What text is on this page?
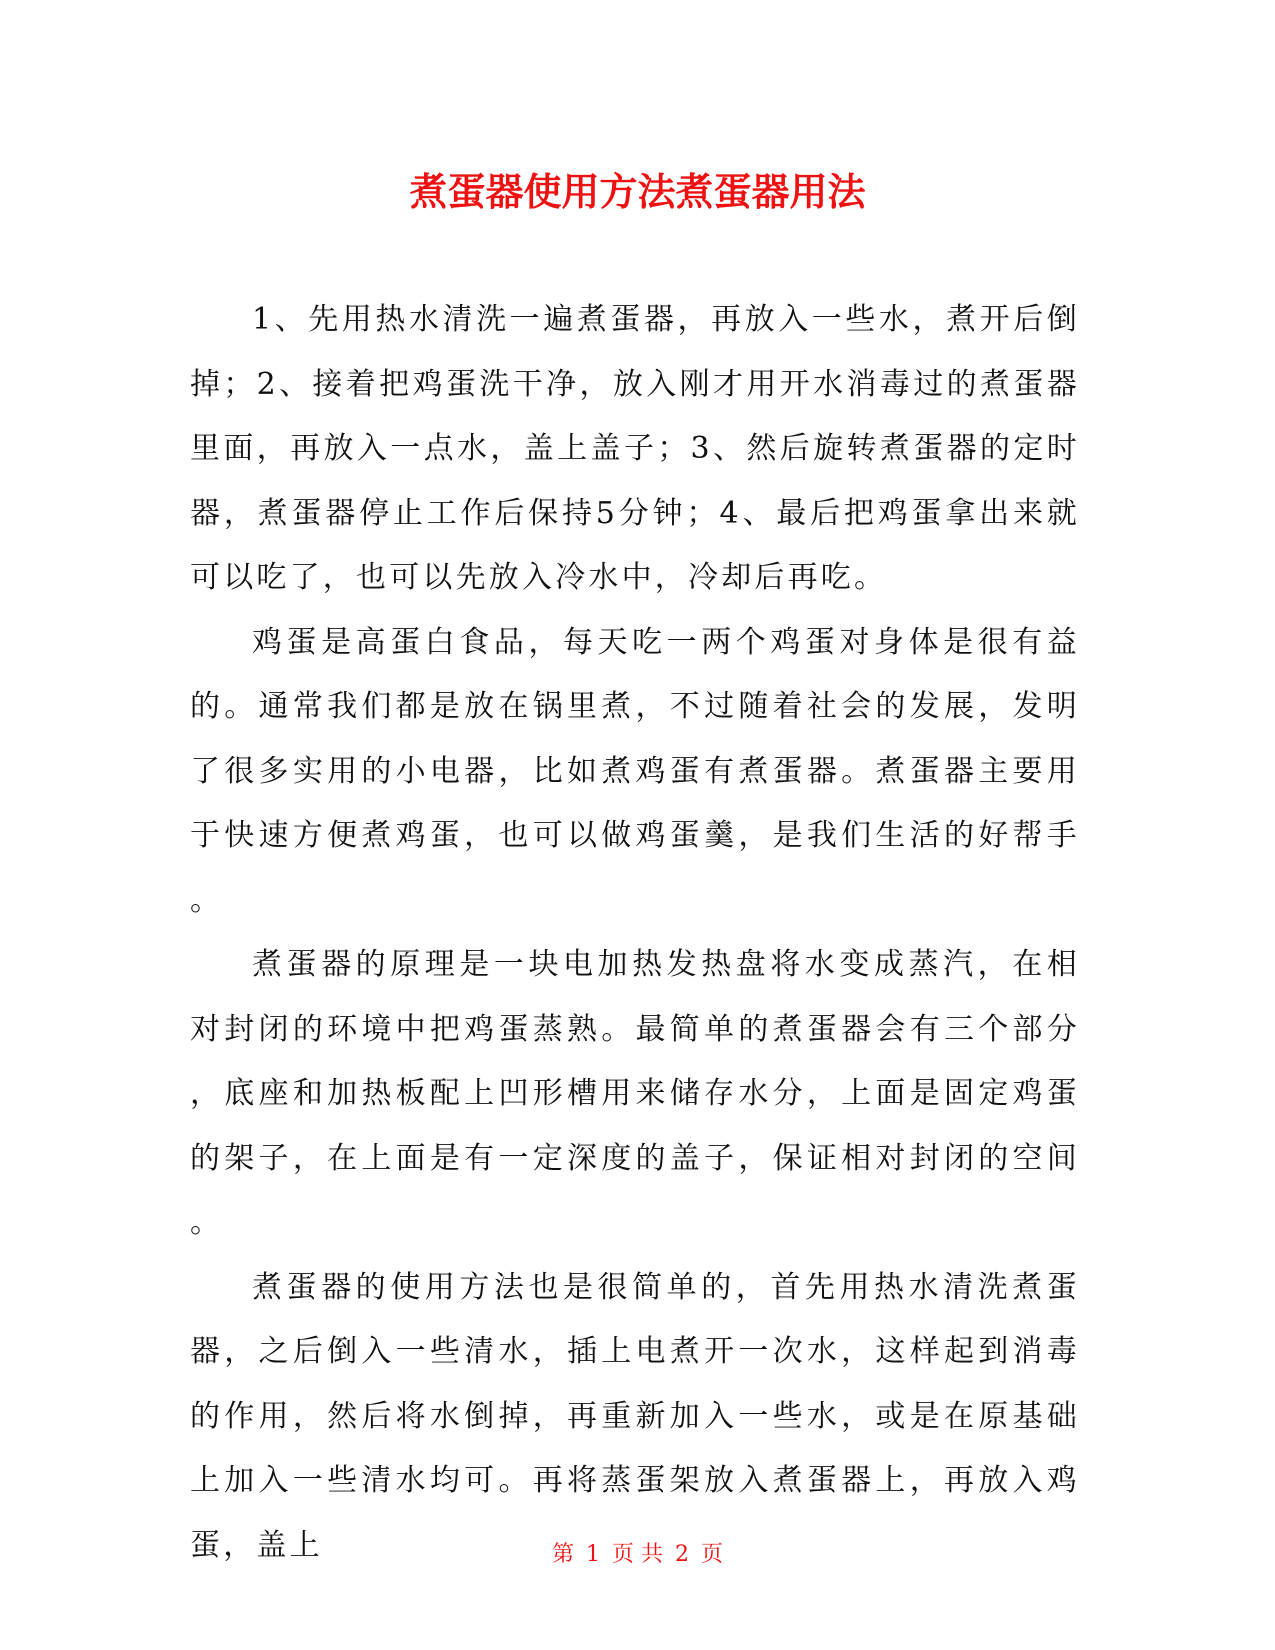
煮蛋器使用方法煮蛋器用法

1、先用热水清洗一遍煮蛋器，再放入一些水，煮开后倒掉；2、接着把鸡蛋洗干净，放入刚才用开水消毒过的煮蛋器里面，再放入一点水，盖上盖子；3、然后旋转煮蛋器的定时器，煮蛋器停止工作后保持5分钟；4、最后把鸡蛋拿出来就可以吃了，也可以先放入冷水中，冷却后再吃。

鸡蛋是高蛋白食品，每天吃一两个鸡蛋对身体是很有益的。通常我们都是放在锅里煮，不过随着社会的发展，发明了很多实用的小电器，比如煮鸡蛋有煮蛋器。煮蛋器主要用于快速方便煮鸡蛋，也可以做鸡蛋羹，是我们生活的好帮手。

煮蛋器的原理是一块电加热发热盘将水变成蒸汽，在相对封闭的环境中把鸡蛋蒸熟。最简单的煮蛋器会有三个部分，底座和加热板配上凹形槽用来储存水分，上面是固定鸡蛋的架子，在上面是有一定深度的盖子，保证相对封闭的空间。

煮蛋器的使用方法也是很简单的，首先用热水清洗煮蛋器，之后倒入一些清水，插上电煮开一次水，这样起到消毒的作用，然后将水倒掉，再重新加入一些水，或是在原基础上加入一些清水均可。再将蒸蛋架放入煮蛋器上，再放入鸡蛋，盖上	第 1 页 共 2 页
